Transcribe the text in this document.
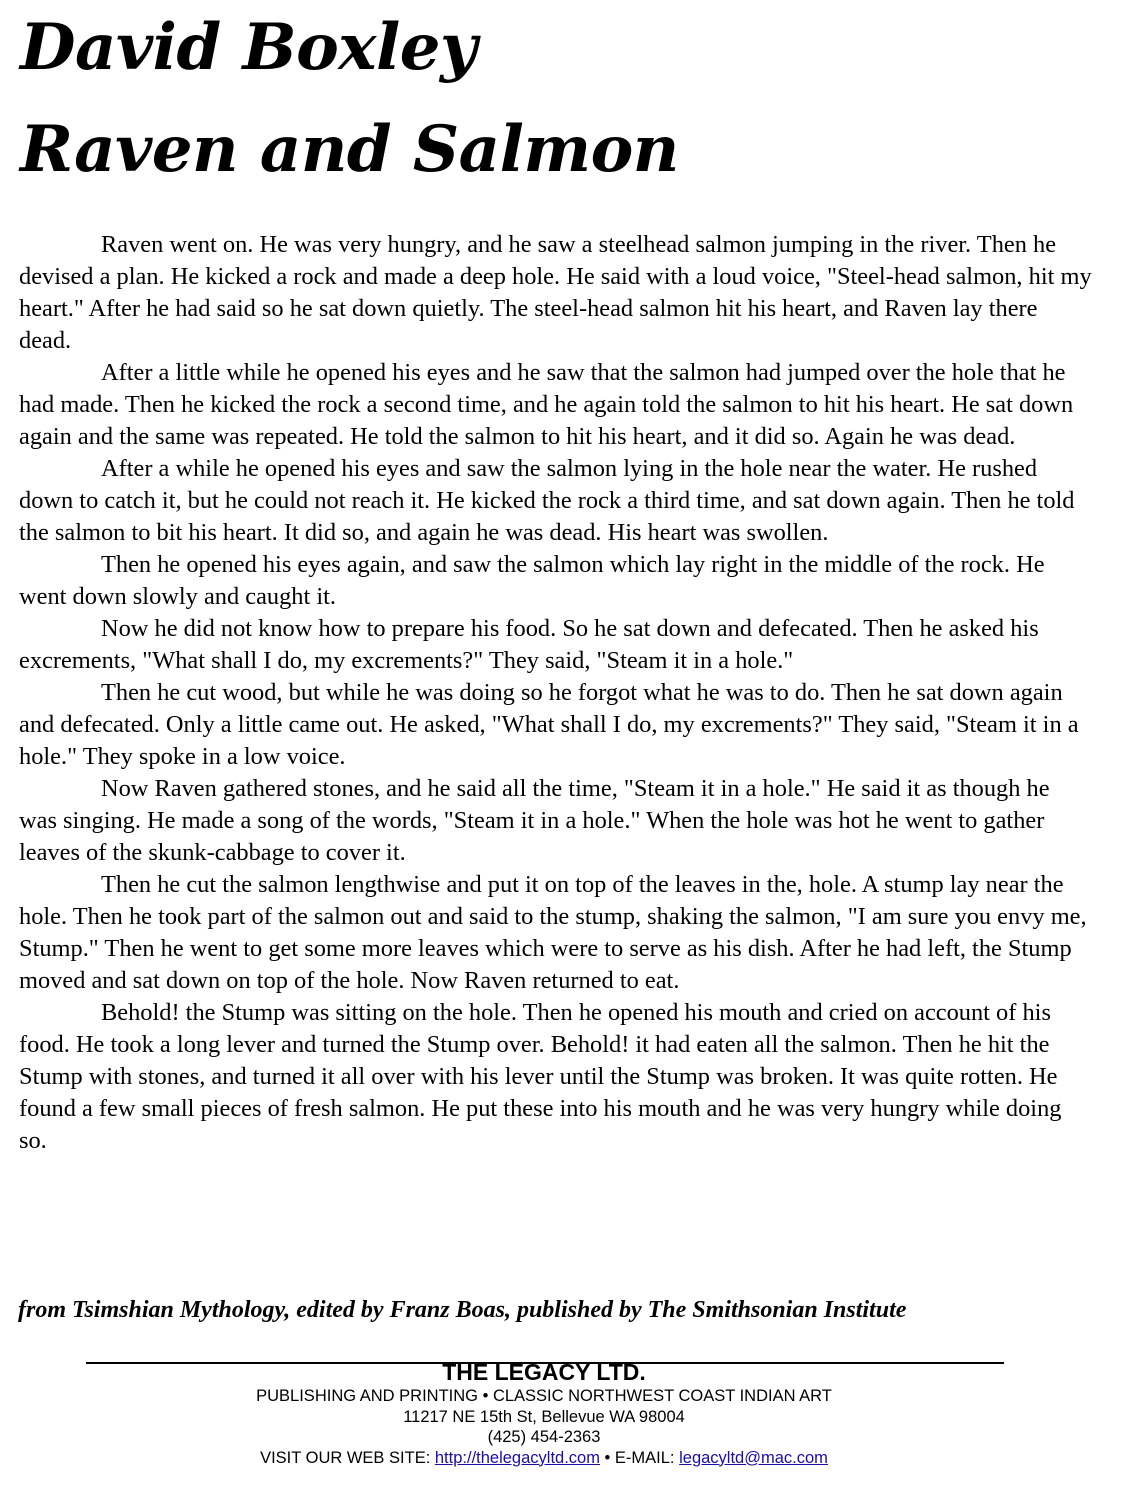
David Boxley
Raven and Salmon

Raven went on. He was very hungry, and he saw a steelhead salmon jumping in the river. Then he devised a plan. He kicked a rock and made a deep hole. He said with a loud voice, "Steel-head salmon, hit my heart." After he had said so he sat down quietly. The steel-head salmon hit his heart, and Raven lay there dead.

After a little while he opened his eyes and he saw that the salmon had jumped over the hole that he had made. Then he kicked the rock a second time, and he again told the salmon to hit his heart. He sat down again and the same was repeated. He told the salmon to hit his heart, and it did so. Again he was dead.

After a while he opened his eyes and saw the salmon lying in the hole near the water. He rushed down to catch it, but he could not reach it. He kicked the rock a third time, and sat down again. Then he told the salmon to bit his heart. It did so, and again he was dead. His heart was swollen.

Then he opened his eyes again, and saw the salmon which lay right in the middle of the rock. He went down slowly and caught it.

Now he did not know how to prepare his food. So he sat down and defecated. Then he asked his excrements, "What shall I do, my excrements?" They said, "Steam it in a hole."

Then he cut wood, but while he was doing so he forgot what he was to do. Then he sat down again and defecated. Only a little came out. He asked, "What shall I do, my excrements?" They said, "Steam it in a hole." They spoke in a low voice.

Now Raven gathered stones, and he said all the time, "Steam it in a hole." He said it as though he was singing. He made a song of the words, "Steam it in a hole." When the hole was hot he went to gather leaves of the skunk-cabbage to cover it.

Then he cut the salmon lengthwise and put it on top of the leaves in the, hole. A stump lay near the hole. Then he took part of the salmon out and said to the stump, shaking the salmon, "I am sure you envy me, Stump." Then he went to get some more leaves which were to serve as his dish. After he had left, the Stump moved and sat down on top of the hole. Now Raven returned to eat.

Behold! the Stump was sitting on the hole. Then he opened his mouth and cried on account of his food. He took a long lever and turned the Stump over. Behold! it had eaten all the salmon. Then he hit the Stump with stones, and turned it all over with his lever until the Stump was broken. It was quite rotten. He found a few small pieces of fresh salmon. He put these into his mouth and he was very hungry while doing so.

from Tsimshian Mythology, edited by Franz Boas, published by The Smithsonian Institute

THE LEGACY LTD.
PUBLISHING AND PRINTING • CLASSIC NORTHWEST COAST INDIAN ART
11217 NE 15th St, Bellevue WA 98004
(425) 454-2363
VISIT OUR WEB SITE: http://thelegacyltd.com • E-MAIL: legacyltd@mac.com
